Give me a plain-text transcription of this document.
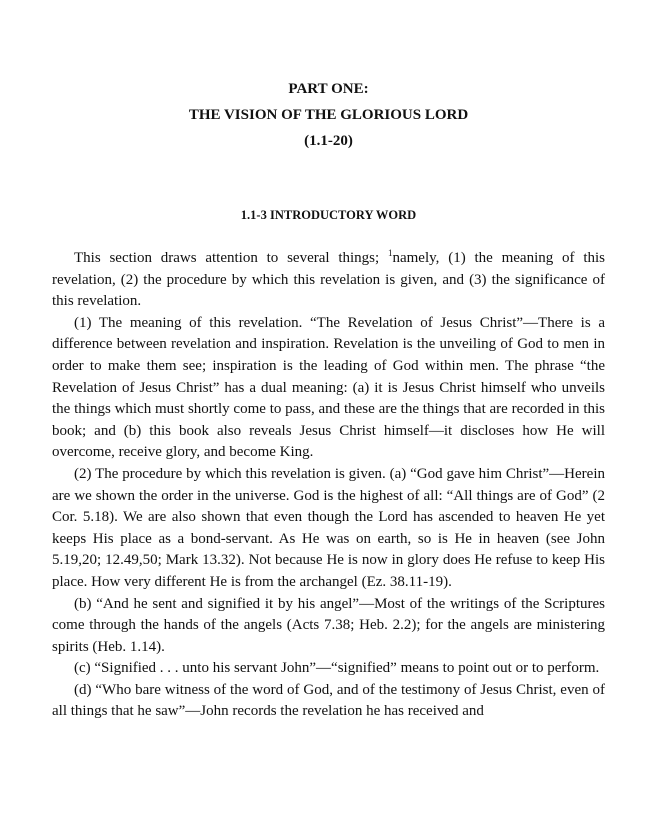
PART ONE:
THE VISION OF THE GLORIOUS LORD
(1.1-20)
1.1-3 INTRODUCTORY WORD

This section draws attention to several things; $^1$namely, (1) the meaning of this revelation, (2) the procedure by which this revelation is given, and (3) the significance of this revelation.

(1) The meaning of this revelation. “The Revelation of Jesus Christ”—There is a difference between revelation and inspiration. Revelation is the unveiling of God to men in order to make them see; inspiration is the leading of God within men. The phrase “the Revelation of Jesus Christ” has a dual meaning: (a) it is Jesus Christ himself who unveils the things which must shortly come to pass, and these are the things that are recorded in this book; and (b) this book also reveals Jesus Christ himself—it discloses how He will overcome, receive glory, and become King.

(2) The procedure by which this revelation is given. (a) “God gave him Christ”—Herein are we shown the order in the universe. God is the highest of all: “All things are of God” (2 Cor. 5.18). We are also shown that even though the Lord has ascended to heaven He yet keeps His place as a bond-servant. As He was on earth, so is He in heaven (see John 5.19,20; 12.49,50; Mark 13.32). Not because He is now in glory does He refuse to keep His place. How very different He is from the archangel (Ez. 38.11-19).

(b) “And he sent and signified it by his angel”—Most of the writings of the Scriptures come through the hands of the angels (Acts 7.38; Heb. 2.2); for the angels are ministering spirits (Heb. 1.14).

(c) “Signified . . . unto his servant John”—“signified” means to point out or to perform.

(d) “Who bare witness of the word of God, and of the testimony of Jesus Christ, even of all things that he saw”—John records the revelation he has received and
